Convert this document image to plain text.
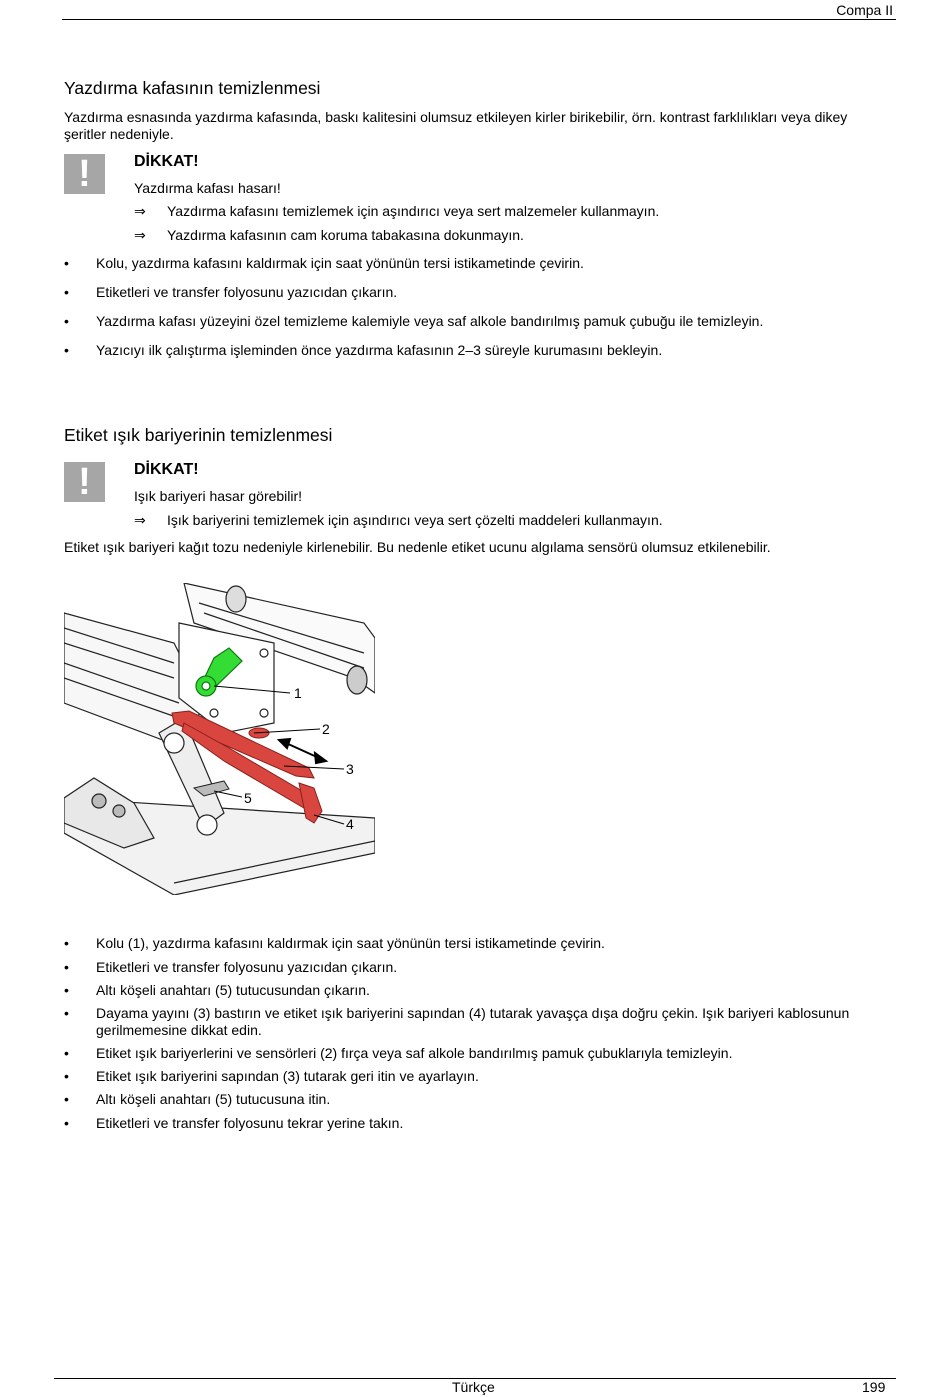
Compa II
Yazdırma kafasının temizlenmesi

Yazdırma esnasında yazdırma kafasında, baskı kalitesini olumsuz etkileyen kirler birikebilir, örn. kontrast farklılıkları veya dikey şeritler nedeniyle.

!	DİKKAT!
Yazdırma kafası hasarı!
⇒	Yazdırma kafasını temizlemek için aşındırıcı veya sert malzemeler kullanmayın.
⇒	Yazdırma kafasının cam koruma tabakasına dokunmayın.
• Kolu, yazdırma kafasını kaldırmak için saat yönünün tersi istikametinde çevirin.
• Etiketleri ve transfer folyosunu yazıcıdan çıkarın.
• Yazdırma kafası yüzeyini özel temizleme kalemiyle veya saf alkole bandırılmış pamuk çubuğu ile temizleyin.
• Yazıcıyı ilk çalıştırma işleminden önce yazdırma kafasının 2–3 süreyle kurumasını bekleyin.
Etiket ışık bariyerinin temizlenmesi
!	DİKKAT!
Işık bariyeri hasar görebilir!
⇒	Işık bariyerini temizlemek için aşındırıcı veya sert çözelti maddeleri kullanmayın.

Etiket ışık bariyeri kağıt tozu nedeniyle kirlenebilir. Bu nedenle etiket ucunu algılama sensörü olumsuz etkilenebilir.

1
2
3
4
5
• Kolu (1), yazdırma kafasını kaldırmak için saat yönünün tersi istikametinde çevirin.
• Etiketleri ve transfer folyosunu yazıcıdan çıkarın.
• Altı köşeli anahtarı (5) tutucusundan çıkarın.
• Dayama yayını (3) bastırın ve etiket ışık bariyerini sapından (4) tutarak yavaşça dışa doğru çekin. Işık bariyeri kablosunun gerilmemesine dikkat edin.
• Etiket ışık bariyerlerini ve sensörleri (2) fırça veya saf alkole bandırılmış pamuk çubuklarıyla temizleyin.
• Etiket ışık bariyerini sapından (3) tutarak geri itin ve ayarlayın.
• Altı köşeli anahtarı (5) tutucusuna itin.
• Etiketleri ve transfer folyosunu tekrar yerine takın.
Türkçe	199
